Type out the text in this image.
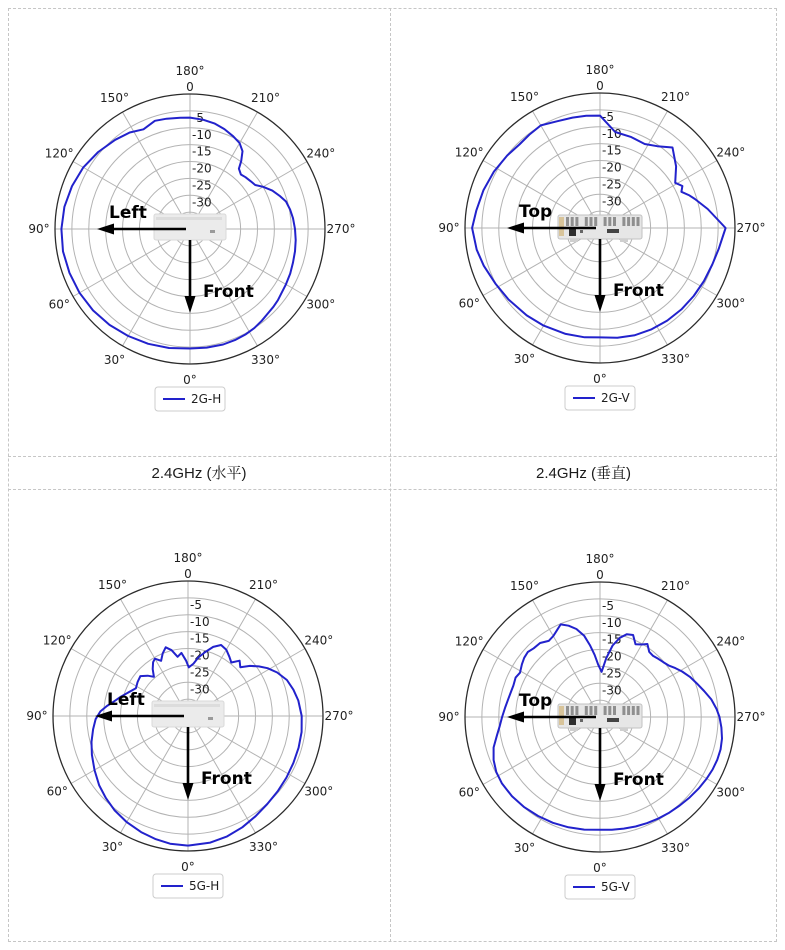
0°
30°
60°
90°
120°
150°
180°
210°
240°
270°
300°
330°
0
-5
-10
-15
-20
-25
-30
Left
Front
2G-H
0°
30°
60°
90°
120°
150°
180°
210°
240°
270°
300°
330°
0
-5
-10
-15
-20
-25
-30
Top
Front
2G-V
0°
30°
60°
90°
120°
150°
180°
210°
240°
270°
300°
330°
0
-5
-10
-15
-20
-25
-30
Left
Front
5G-H
0°
30°
60°
90°
120°
150°
180°
210°
240°
270°
300°
330°
0
-5
-10
-15
-20
-25
-30
Top
Front
5G-V
2.4GHz (水平)	2.4GHz (垂直)
